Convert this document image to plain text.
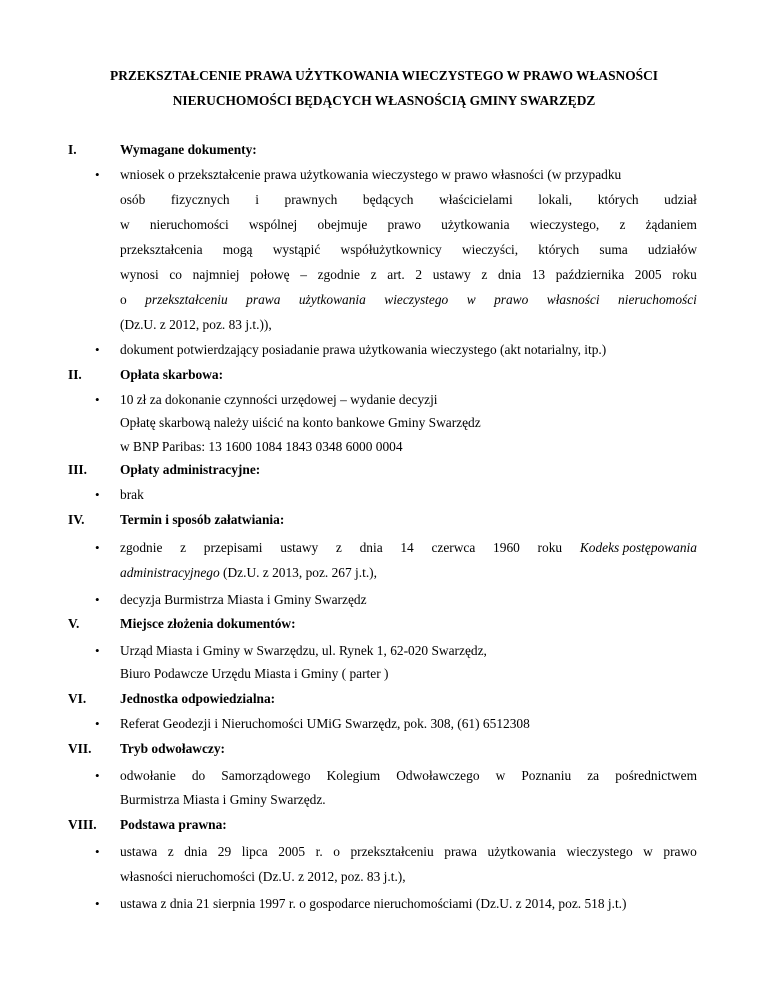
PRZEKSZTAŁCENIE PRAWA UŻYTKOWANIA WIECZYSTEGO W PRAWO WŁASNOŚCI
NIERUCHOMOŚCI BĘDĄCYCH WŁASNOŚCIĄ GMINY SWARZĘDZ
I.	Wymagane dokumenty:
• wniosek o przekształcenie prawa użytkowania wieczystego w prawo własności (w przypadku
osób fizycznych i prawnych będących właścicielami lokali, których udział
w nieruchomości wspólnej obejmuje prawo użytkowania wieczystego, z żądaniem
przekształcenia mogą wystąpić współużytkownicy wieczyści, których suma udziałów
wynosi co najmniej połowę – zgodnie z art. 2 ustawy z dnia 13 października 2005 roku
o przekształceniu prawa użytkowania wieczystego w prawo własności nieruchomości
(Dz.U. z 2012, poz. 83 j.t.)),
• dokument potwierdzający posiadanie prawa użytkowania wieczystego (akt notarialny, itp.)
II.	Opłata skarbowa:
• 10 zł za dokonanie czynności urzędowej – wydanie decyzji
Opłatę skarbową należy uiścić na konto bankowe Gminy Swarzędz
w BNP Paribas: 13 1600 1084 1843 0348 6000 0004
III. Opłaty administracyjne:
• brak
IV.	Termin i sposób załatwiania:
• zgodnie z przepisami ustawy z dnia 14 czerwca 1960 roku Kodeks postępowania
administracyjnego (Dz.U. z 2013, poz. 267 j.t.),
• decyzja Burmistrza Miasta i Gminy Swarzędz
V.	Miejsce złożenia dokumentów:
• Urząd Miasta i Gminy w Swarzędzu, ul. Rynek 1, 62-020 Swarzędz,
Biuro Podawcze Urzędu Miasta i Gminy ( parter )
VI.	Jednostka odpowiedzialna:
• Referat Geodezji i Nieruchomości UMiG Swarzędz, pok. 308, (61) 6512308
VII. Tryb odwoławczy:
• odwołanie do Samorządowego Kolegium Odwoławczego w Poznaniu za pośrednictwem
Burmistrza Miasta i Gminy Swarzędz.
VIII. Podstawa prawna:
• ustawa z dnia 29 lipca 2005 r. o przekształceniu prawa użytkowania wieczystego w prawo
własności nieruchomości (Dz.U. z 2012, poz. 83 j.t.),
• ustawa z dnia 21 sierpnia 1997 r. o gospodarce nieruchomościami (Dz.U. z 2014, poz. 518 j.t.)
